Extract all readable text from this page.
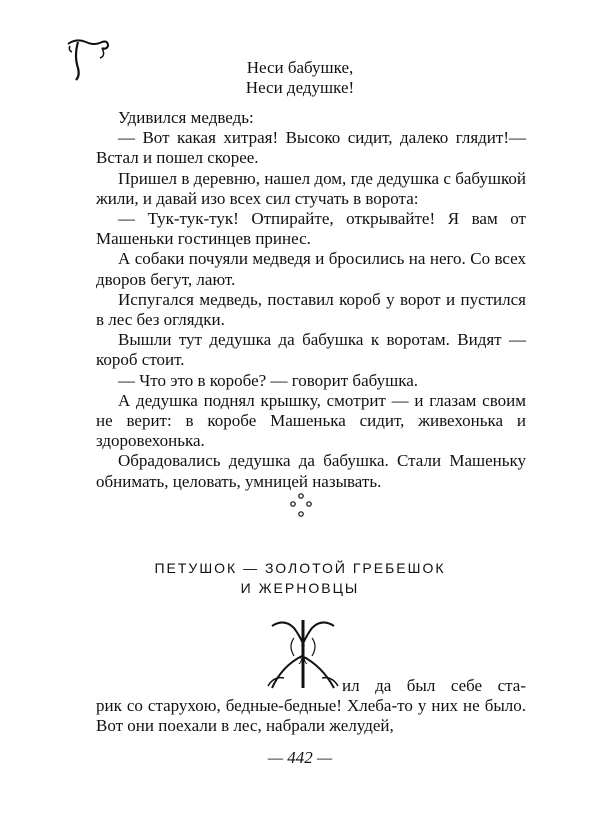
Неси бабушке,
Неси дедушке!

Удивился медведь:

— Вот какая хитрая! Высоко сидит, далеко глядит!— Встал и пошел скорее.

Пришел в деревню, нашел дом, где дедушка с бабушкой жили, и давай изо всех сил стучать в ворота:

— Тук-тук-тук! Отпирайте, открывайте! Я вам от Машеньки гостинцев принес.

А собаки почуяли медведя и бросились на него. Со всех дворов бегут, лают.

Испугался медведь, поставил короб у ворот и пустился в лес без оглядки.

Вышли тут дедушка да бабушка к воротам. Видят — короб стоит.

— Что это в коробе? — говорит бабушка.

А дедушка поднял крышку, смотрит — и глазам своим не верит: в коробе Машенька сидит, живехонька и здоровехонька.

Обрадовались дедушка да бабушка. Стали Машеньку обнимать, целовать, умницей называть.

ПЕТУШОК — ЗОЛОТОЙ ГРЕБЕШОК
И ЖЕРНОВЦЫ
Ж
ил да был себе ста-
рик со старухою, бедные-бедные! Хлеба-то у них не было. Вот они поехали в лес, набрали желудей,
— 442 —
